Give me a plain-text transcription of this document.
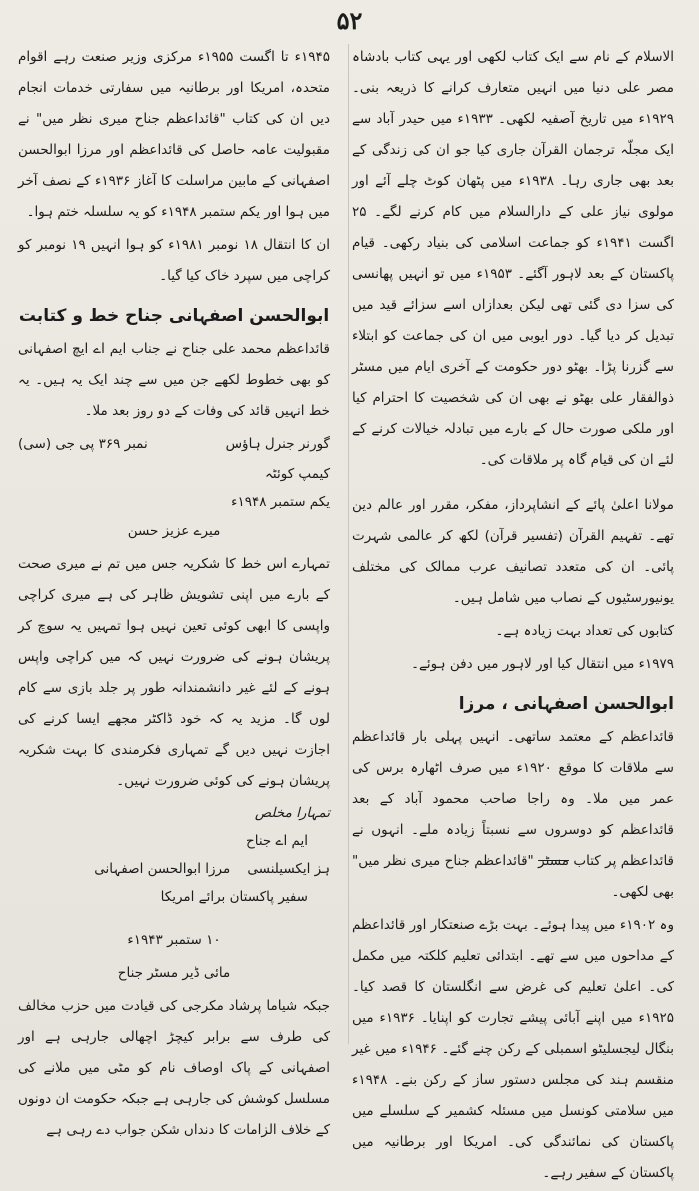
۵۲

الاسلام کے نام سے ایک کتاب لکھی اور یہی کتاب بادشاہ مصر علی دنیا میں انہیں متعارف کرانے کا ذریعہ بنی۔ ۱۹۲۹ء میں تاریخ آصفیہ لکھی۔ ۱۹۳۳ء میں حیدر آباد سے ایک مجلّہ ترجمان القرآن جاری کیا جو ان کی زندگی کے بعد بھی جاری رہا۔ ۱۹۳۸ء میں پٹھان کوٹ چلے آئے اور مولوی نیاز علی کے دارالسلام میں کام کرنے لگے۔ ۲۵ اگست ۱۹۴۱ء کو جماعت اسلامی کی بنیاد رکھی۔ قیام پاکستان کے بعد لاہور آگئے۔ ۱۹۵۳ء میں تو انہیں پھانسی کی سزا دی گئی تھی لیکن بعدازاں اسے سزائے قید میں تبدیل کر دیا گیا۔ دور ایوبی میں ان کی جماعت کو ابتلاء سے گزرنا پڑا۔ بھٹو دور حکومت کے آخری ایام میں مسٹر ذوالفقار علی بھٹو نے بھی ان کی شخصیت کا احترام کیا اور ملکی صورت حال کے بارے میں تبادلہ خیالات کرنے کے لئے ان کی قیام گاہ پر ملاقات کی۔

مولانا اعلیٰ پائے کے انشاپرداز، مفکر، مقرر اور عالم دین تھے۔ تفہیم القرآن (تفسیر قرآن) لکھ کر عالمی شہرت پائی۔ ان کی متعدد تصانیف عرب ممالک کی مختلف یونیورسٹیوں کے نصاب میں شامل ہیں۔

کتابوں کی تعداد بہت زیادہ ہے۔

۱۹۷۹ء میں انتقال کیا اور لاہور میں دفن ہوئے۔

ابوالحسن اصفہانی ، مرزا

قائداعظم کے معتمد ساتھی۔ انہیں پہلی بار قائداعظم سے ملاقات کا موقع ۱۹۲۰ء میں صرف اٹھارہ برس کی عمر میں ملا۔ وہ راجا صاحب محمود آباد کے بعد قائداعظم کو دوسروں سے نسبتاً زیادہ ملے۔ انہوں نے قائداعظم پر کتاب مسٹر "قائداعظم جناح میری نظر میں" بھی لکھی۔

وہ ۱۹۰۲ء میں پیدا ہوئے۔ بہت بڑے صنعتکار اور قائداعظم کے مداحوں میں سے تھے۔ ابتدائی تعلیم کلکتہ میں مکمل کی۔ اعلیٰ تعلیم کی غرض سے انگلستان کا قصد کیا۔ ۱۹۲۵ء میں اپنے آبائی پیشے تجارت کو اپنایا۔ ۱۹۳۶ء میں بنگال لیجسلیٹو اسمبلی کے رکن چنے گئے۔ ۱۹۴۶ء میں غیر منقسم ہند کی مجلس دستور ساز کے رکن بنے۔ ۱۹۴۸ء میں سلامتی کونسل میں مسئلہ کشمیر کے سلسلے میں پاکستان کی نمائندگی کی۔ امریکا اور برطانیہ میں پاکستان کے سفیر رہے۔

۱۹۴۵ء تا اگست ۱۹۵۵ء مرکزی وزیر صنعت رہے اقوام متحدہ، امریکا اور برطانیہ میں سفارتی خدمات انجام دیں ان کی کتاب "قائداعظم جناح میری نظر میں" نے مقبولیت عامہ حاصل کی قائداعظم اور مرزا ابوالحسن اصفہانی کے مابین مراسلت کا آغاز ۱۹۳۶ء کے نصف آخر میں ہوا اور یکم ستمبر ۱۹۴۸ء کو یہ سلسلہ ختم ہوا۔

ان کا انتقال ۱۸ نومبر ۱۹۸۱ء کو ہوا انہیں ۱۹ نومبر کو کراچی میں سپرد خاک کیا گیا۔

ابوالحسن اصفہانی جناح خط و کتابت

قائداعظم محمد علی جناح نے جناب ایم اے ایچ اصفہانی کو بھی خطوط لکھے جن میں سے چند ایک یہ ہیں۔ یہ خط انہیں قائد کی وفات کے دو روز بعد ملا۔

گورنر جنرل ہاؤس
نمبر ۳۶۹ پی جی (سی)
کیمپ کوئٹہ
یکم ستمبر ۱۹۴۸ء

میرے عزیز حسن

تمہارے اس خط کا شکریہ جس میں تم نے میری صحت کے بارے میں اپنی تشویش ظاہر کی ہے میری کراچی واپسی کا ابھی کوئی تعین نہیں ہوا تمہیں یہ سوچ کر پریشان ہونے کی ضرورت نہیں کہ میں کراچی واپس ہونے کے لئے غیر دانشمندانہ طور پر جلد بازی سے کام لوں گا۔ مزید یہ کہ خود ڈاکٹر مجھے ایسا کرنے کی اجازت نہیں دیں گے تمہاری فکرمندی کا بہت شکریہ پریشان ہونے کی کوئی ضرورت نہیں۔

تمہارا مخلص
ایم اے جناح
ہز ایکسیلنسی    مرزا ابوالحسن اصفہانی
سفیر پاکستان برائے امریکا

۱۰ ستمبر ۱۹۴۳ء

مائی ڈیر مسٹر جناح

جبکہ شیاما پرشاد مکرجی کی قیادت میں حزب مخالف کی طرف سے برابر کیچڑ اچھالی جارہی ہے اور اصفہانی کے پاک اوصاف نام کو مٹی میں ملانے کی مسلسل کوشش کی جارہی ہے جبکہ حکومت ان دونوں کے خلاف الزامات کا دنداں شکن جواب دے رہی ہے
